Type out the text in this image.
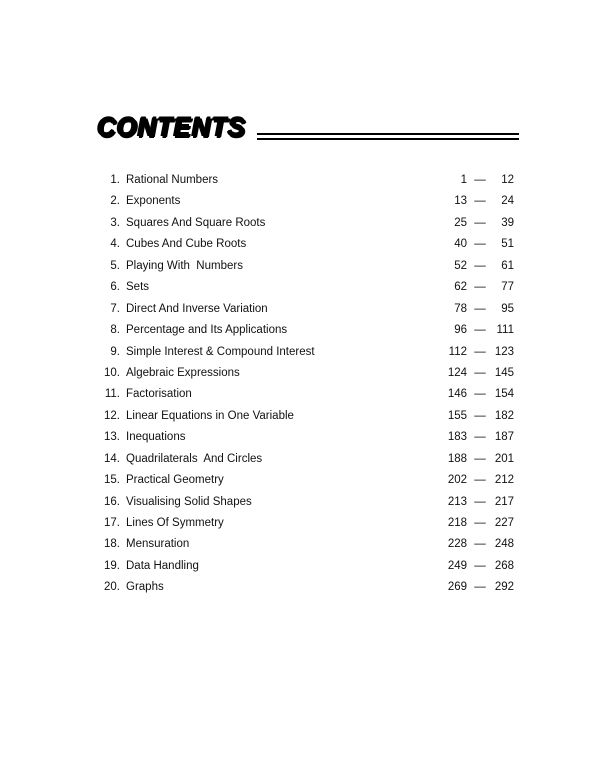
CONTENTS
1. Rational Numbers	1 —	12
2. Exponents	13 —	24
3. Squares And Square Roots	25 —	39
4. Cubes And Cube Roots	40 —	51
5. Playing With  Numbers	52 —	61
6. Sets	62 —	77
7. Direct And Inverse Variation	78 —	95
8. Percentage and Its Applications	96 — 111
9. Simple Interest & Compound Interest	112 — 123
10. Algebraic Expressions	124 — 145
11. Factorisation	146 — 154
12. Linear Equations in One Variable	155 — 182
13. Inequations	183 — 187
14. Quadrilaterals  And Circles	188 — 201
15. Practical Geometry	202 — 212
16. Visualising Solid Shapes	213 — 217
17. Lines Of Symmetry	218 — 227
18. Mensuration	228 — 248
19. Data Handling	249 — 268
20. Graphs	269 — 292
